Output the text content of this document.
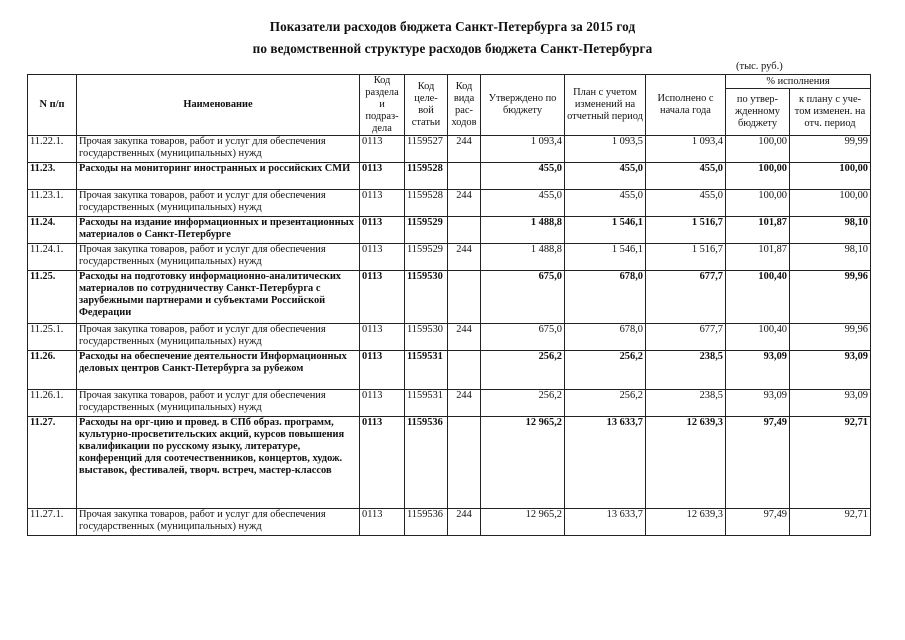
Показатели расходов бюджета Санкт-Петербурга за 2015 год
по ведомственной структуре расходов бюджета Санкт-Петербурга
(тыс. руб.)
N п/п	Наименование	Код раздела и подраз-дела	Код целе-вой статьи	Код вида рас-ходов	Утверждено по бюджету	План с учетом изменений на отчетный период	Исполнено с начала года	% исполнения	
								по утвер-жденному бюджету	к плану с уче-том изменен. на отч. период
11.22.1.	Прочая закупка товаров, работ и услуг для обеспечения государственных (муниципальных) нужд	0113	1159527	244	1 093,4	1 093,5	1 093,4	100,00	99,99
11.23.	Расходы на мониторинг иностранных и российских СМИ	0113	1159528		455,0	455,0	455,0	100,00	100,00
11.23.1.	Прочая закупка товаров, работ и услуг для обеспечения государственных (муниципальных) нужд	0113	1159528	244	455,0	455,0	455,0	100,00	100,00
11.24.	Расходы на издание информационных и презентационных материалов о Санкт-Петербурге	0113	1159529		1 488,8	1 546,1	1 516,7	101,87	98,10
11.24.1.	Прочая закупка товаров, работ и услуг для обеспечения государственных (муниципальных) нужд	0113	1159529	244	1 488,8	1 546,1	1 516,7	101,87	98,10
11.25.	Расходы на подготовку информационно-аналитических материалов по сотрудничеству Санкт-Петербурга с зарубежными партнерами и субъектами Российской Федерации	0113	1159530		675,0	678,0	677,7	100,40	99,96
11.25.1.	Прочая закупка товаров, работ и услуг для обеспечения государственных (муниципальных) нужд	0113	1159530	244	675,0	678,0	677,7	100,40	99,96
11.26.	Расходы на обеспечение деятельности Информационных деловых центров Санкт-Петербурга за рубежом	0113	1159531		256,2	256,2	238,5	93,09	93,09
11.26.1.	Прочая закупка товаров, работ и услуг для обеспечения государственных (муниципальных) нужд	0113	1159531	244	256,2	256,2	238,5	93,09	93,09
11.27.	Расходы на орг-цию и провед. в СПб образ. программ, культурно-просветительских акций, курсов повышения квалификации по русскому языку, литературе, конференций для соотечественников, концертов, худож. выставок, фестивалей, творч. встреч, мастер-классов	0113	1159536		12 965,2	13 633,7	12 639,3	97,49	92,71
11.27.1.	Прочая закупка товаров, работ и услуг для обеспечения государственных (муниципальных) нужд	0113	1159536	244	12 965,2	13 633,7	12 639,3	97,49	92,71
